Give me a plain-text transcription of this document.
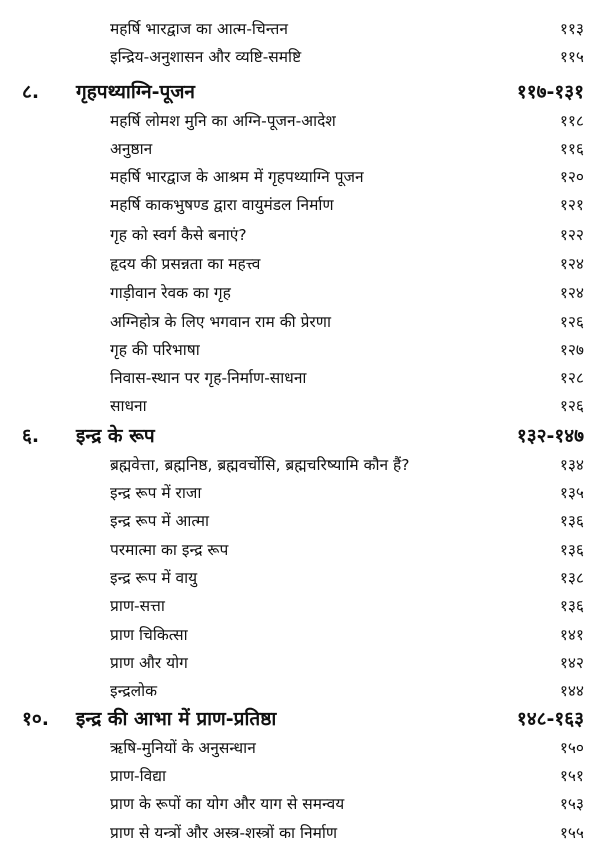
महर्षि भारद्वाज का आत्म-चिन्तन	११३
इन्द्रिय-अनुशासन और व्यष्टि-समष्टि	११५
८. गृहपथ्याग्नि-पूजन	११७-१३१
महर्षि लोमश मुनि का अग्नि-पूजन-आदेश	११८
अनुष्ठान	११६
महर्षि भारद्वाज के आश्रम में गृहपथ्याग्नि पूजन	१२०
महर्षि काकभुषण्ड द्वारा वायुमंडल निर्माण	१२१
गृह को स्वर्ग कैसे बनाएं?	१२२
हृदय की प्रसन्नता का महत्त्व	१२४
गाड़ीवान रेवक का गृह	१२४
अग्निहोत्र के लिए भगवान राम की प्रेरणा	१२६
गृह की परिभाषा	१२७
निवास-स्थान पर गृह-निर्माण-साधना	१२८
साधना	१२६
६. इन्द्र के रूप	१३२-१४७
ब्रह्मवेत्ता, ब्रह्मनिष्ठ, ब्रह्मवर्चोसि, ब्रह्मचरिष्यामि कौन हैं?	१३४
इन्द्र रूप में राजा	१३५
इन्द्र रूप में आत्मा	१३६
परमात्मा का इन्द्र रूप	१३६
इन्द्र रूप में वायु	१३८
प्राण-सत्ता	१३६
प्राण चिकित्सा	१४१
प्राण और योग	१४२
इन्द्रलोक	१४४
१०. इन्द्र की आभा में प्राण-प्रतिष्ठा	१४८-१६३
ऋषि-मुनियों के अनुसन्धान	१५०
प्राण-विद्या	१५१
प्राण के रूपों का योग और याग से समन्वय	१५३
प्राण से यन्त्रों और अस्त्र-शस्त्रों का निर्माण	१५५
